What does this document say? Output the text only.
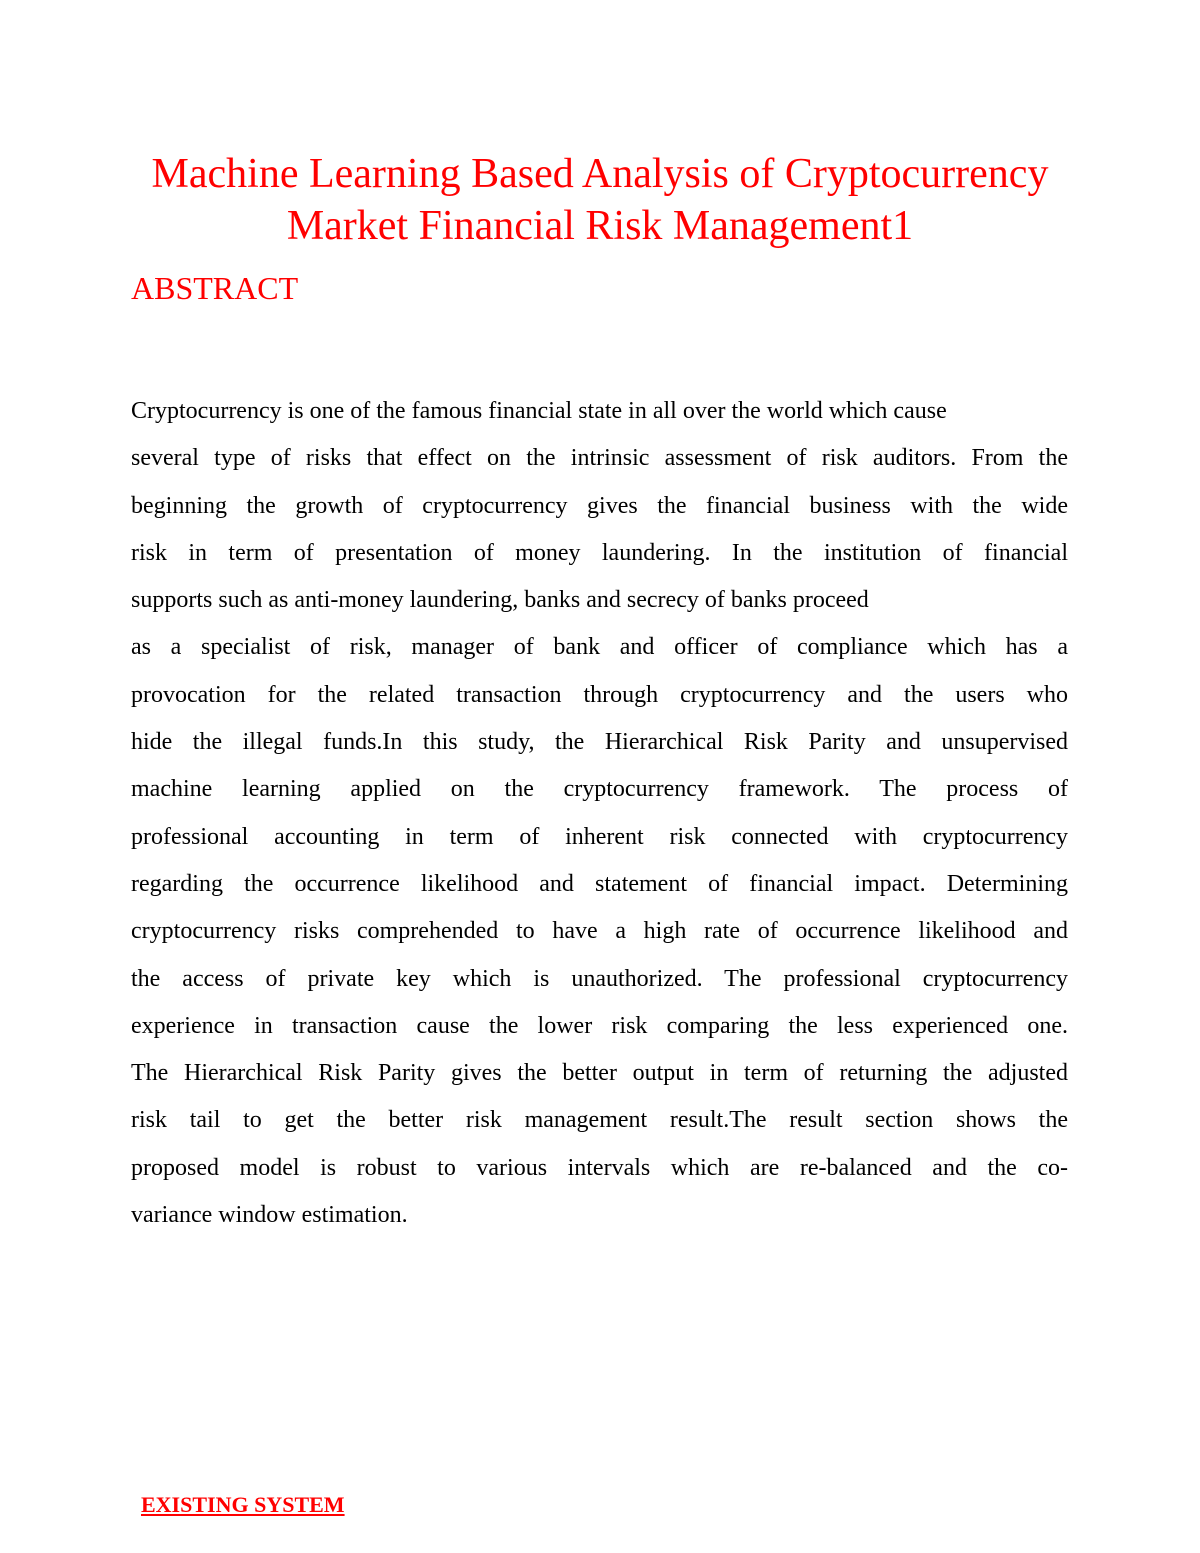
Machine Learning Based Analysis of Cryptocurrency
Market Financial Risk Management1
ABSTRACT
Cryptocurrency is one of the famous financial state in all over the world which cause
several type of risks that effect on the intrinsic assessment of risk auditors. From the
beginning the growth of cryptocurrency gives the financial business with the wide
risk in term of presentation of money laundering. In the institution of financial
supports such as anti-money laundering, banks and secrecy of banks proceed
as a specialist of risk, manager of bank and officer of compliance which has a
provocation for the related transaction through cryptocurrency and the users who
hide the illegal funds.In this study, the Hierarchical Risk Parity and unsupervised
machine learning applied on the cryptocurrency framework. The process of
professional accounting in term of inherent risk connected with cryptocurrency
regarding the occurrence likelihood and statement of financial impact. Determining
cryptocurrency risks comprehended to have a high rate of occurrence likelihood and
the access of private key which is unauthorized. The professional cryptocurrency
experience in transaction cause the lower risk comparing the less experienced one.
The Hierarchical Risk Parity gives the better output in term of returning the adjusted
risk tail to get the better risk management result.The result section shows the
proposed model is robust to various intervals which are re-balanced and the co-
variance window estimation.
EXISTING SYSTEM
